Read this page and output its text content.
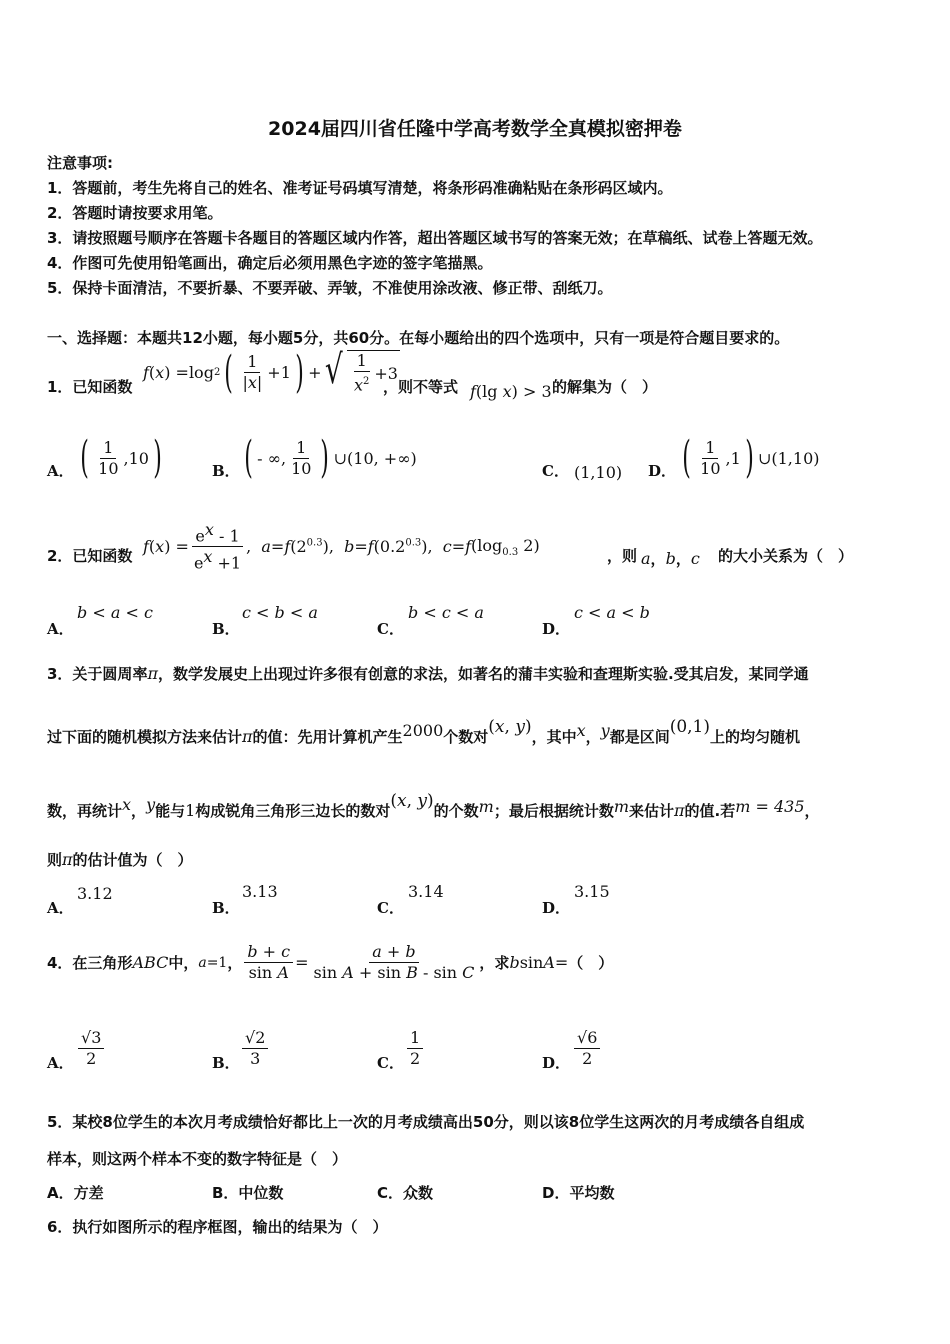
2024届四川省任隆中学高考数学全真模拟密押卷
注意事项:
1．答题前，考生先将自己的姓名、准考证号码填写清楚，将条形码准确粘贴在条形码区域内。
2．答题时请按要求用笔。
3．请按照题号顺序在答题卡各题目的答题区域内作答，超出答题区域书写的答案无效；在草稿纸、试卷上答题无效。
4．作图可先使用铅笔画出，确定后必须用黑色字迹的签字笔描黑。
5．保持卡面清洁，不要折暴、不要弄破、弄皱，不准使用涂改液、修正带、刮纸刀。
一、选择题：本题共12小题，每小题5分，共60分。在每小题给出的四个选项中，只有一项是符合题目要求的。
1．已知函数
f ( x ) =log 2 ( $\frac{1}{|x|} +1$ ) + √ $\frac{1}{x^2} +3$
，则不等式 f(lg x) > 3 的解集为（　）
A． ( $\frac{1}{10} ,10$ )	B． ( - ∞, $\frac{1}{10}$ ) ∪(10, +∞)
C． (1,10) D． ( $\frac{1}{10} ,1$ ) ∪(1,10)
2．已知函数 f ( x ) = $\frac{e^x - 1}{e^x +1}$ , a = f $(2^{0.3})$, b = f $(0.2^{0.3})$, c = f ($\log_{0.3}$ 2)
，则 a，b，c 的大小关系为（　）
A．
b < a < c
B．
c < b < a
C．
b < c < a
D．
c < a < b
3．关于圆周率π，数学发展史上出现过许多很有创意的求法，如著名的蒲丰实验和查理斯实验.受其启发，某同学通
过下面的随机模拟方法来估计π的值：先用计算机产生2000个数对(x, y)，其中x，y都是区间(0,1)上的均匀随机
数，再统计x，y能与1构成锐角三角形三边长的数对(x, y)的个数m；最后根据统计数m来估计π的值.若m = 435，
则π的估计值为（　）
A．
3.12
B．
3.13
C．
3.14
D．
3.15
4．在三角形 ABC 中， a =1 ， $\frac{b + c}{\text{sin A}} = \frac{a + b}{\text{sin A + sin B - sin C}}$ ，求 b sin A = （　）
A． $\frac{√3}{2}$	B． $\frac{√2}{3}$	C． $\frac{1}{2}$	D． $\frac{√6}{2}$
5．某校8位学生的本次月考成绩恰好都比上一次的月考成绩高出50分，则以该8位学生这两次的月考成绩各自组成
样本，则这两个样本不变的数字特征是（　）
A．方差	B．中位数	C．众数	D．平均数
6．执行如图所示的程序框图，输出的结果为（　）
